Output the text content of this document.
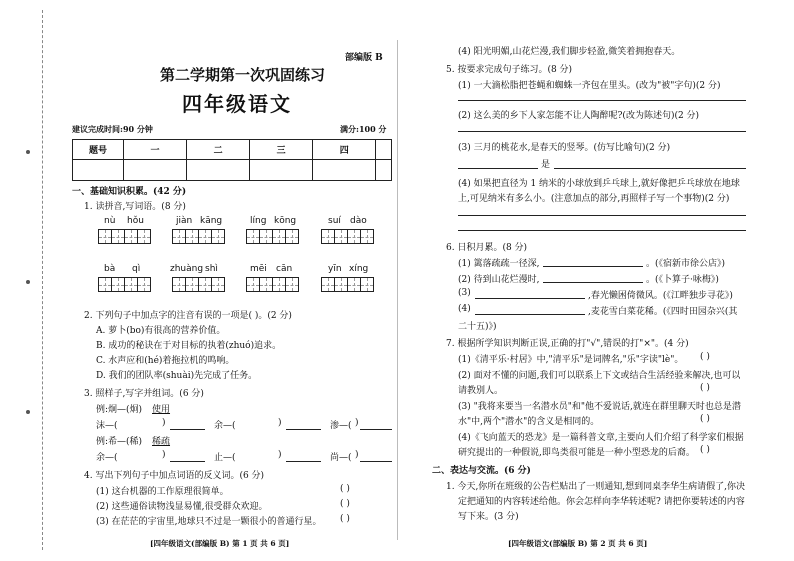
部编版 B
第二学期第一次巩固练习
四年级语文
建议完成时间:90 分钟	满分:100 分
题号	一	二	三	四	

一、基础知识积累。(42 分)
1. 读拼音,写词语。(8 分)
nù hǒu	jiàn kāng	líng kōng	suí dào
bà qì	zhuàng shì	mēi cān	yīn xíng
2. 下列句子中加点字的注音有误的一项是( )。(2 分)
A. 萝卜(bo)有很高的营养价值。
B. 成功的秘诀在于对目标的执着(zhuó)追求。
C. 水声应和(hé)着拖拉机的鸣响。
D. 我们的团队率(shuài)先完成了任务。
3. 照样子,写字并组词。(6 分)
例:炯—(炯) 使用
沫—(	)	余—(	)	渗—( )
例:希—(稀) 稀疏
余—(	)	止—(	)	尚—( )
4. 写出下列句子中加点词语的反义词。(6 分)
(1) 这台机器的工作原理很简单。	( )
(2) 这些通俗读物浅显易懂,很受群众欢迎。	( )
(3) 在茫茫的宇宙里,地球只不过是一颗很小的普通行星。 ( )
[四年级语文(部编版 B) 第 1 页 共 6 页]
(4) 阳光明媚,山花烂漫,我们脚步轻盈,微笑着拥抱春天。
5. 按要求完成句子练习。(8 分)
(1) 一大滴松脂把苍蝇和蜘蛛一齐包在里头。(改为"被"字句)(2 分)
(2) 这么美的乡下人家怎能不让人陶醉呢?(改为陈述句)(2 分)
(3) 三月的桃花水,是春天的竖琴。(仿写比喻句)(2 分)
是
(4) 如果把直径为 1 纳米的小球放到乒乓球上,就好像把乒乓球放在地球
上,可见纳米有多么小。(注意加点的部分,再照样子写一个事物)(2 分)
6. 日积月累。(8 分)
(1) 篱落疏疏一径深,	。(《宿新市徐公店》)
(2) 待到山花烂漫时,	。(《卜算子·咏梅》)
(3)	,春光懒困倚微风。(《江畔独步寻花》)
(4)	,麦花雪白菜花稀。(《四时田园杂兴(其
二十五)》)
7. 根据所学知识判断正误,正确的打"√",错误的打"×"。(4 分)
(1)《清平乐·村居》中,"清平乐"是词牌名,"乐"字读"lè"。 ( )
(2) 面对不懂的问题,我们可以联系上下文或结合生活经验来解决,也可以
请教别人。	( )
(3) "我将来要当一名潜水员"和"他不爱说话,就连在群里聊天时也总是潜
水"中,两个"潜水"的含义是相同的。	( )
(4)《飞向蓝天的恐龙》是一篇科普文章,主要向人们介绍了科学家们根据
研究提出的一种假说,即鸟类很可能是一种小型恐龙的后裔。 ( )
二、表达与交流。(6 分)
1. 今天,你所在班级的公告栏贴出了一则通知,想到同桌李华生病请假了,你决
定把通知的内容转述给他。你会怎样向李华转述呢? 请把你要转述的内容
写下来。(3 分)
[四年级语文(部编版 B) 第 2 页 共 6 页]
